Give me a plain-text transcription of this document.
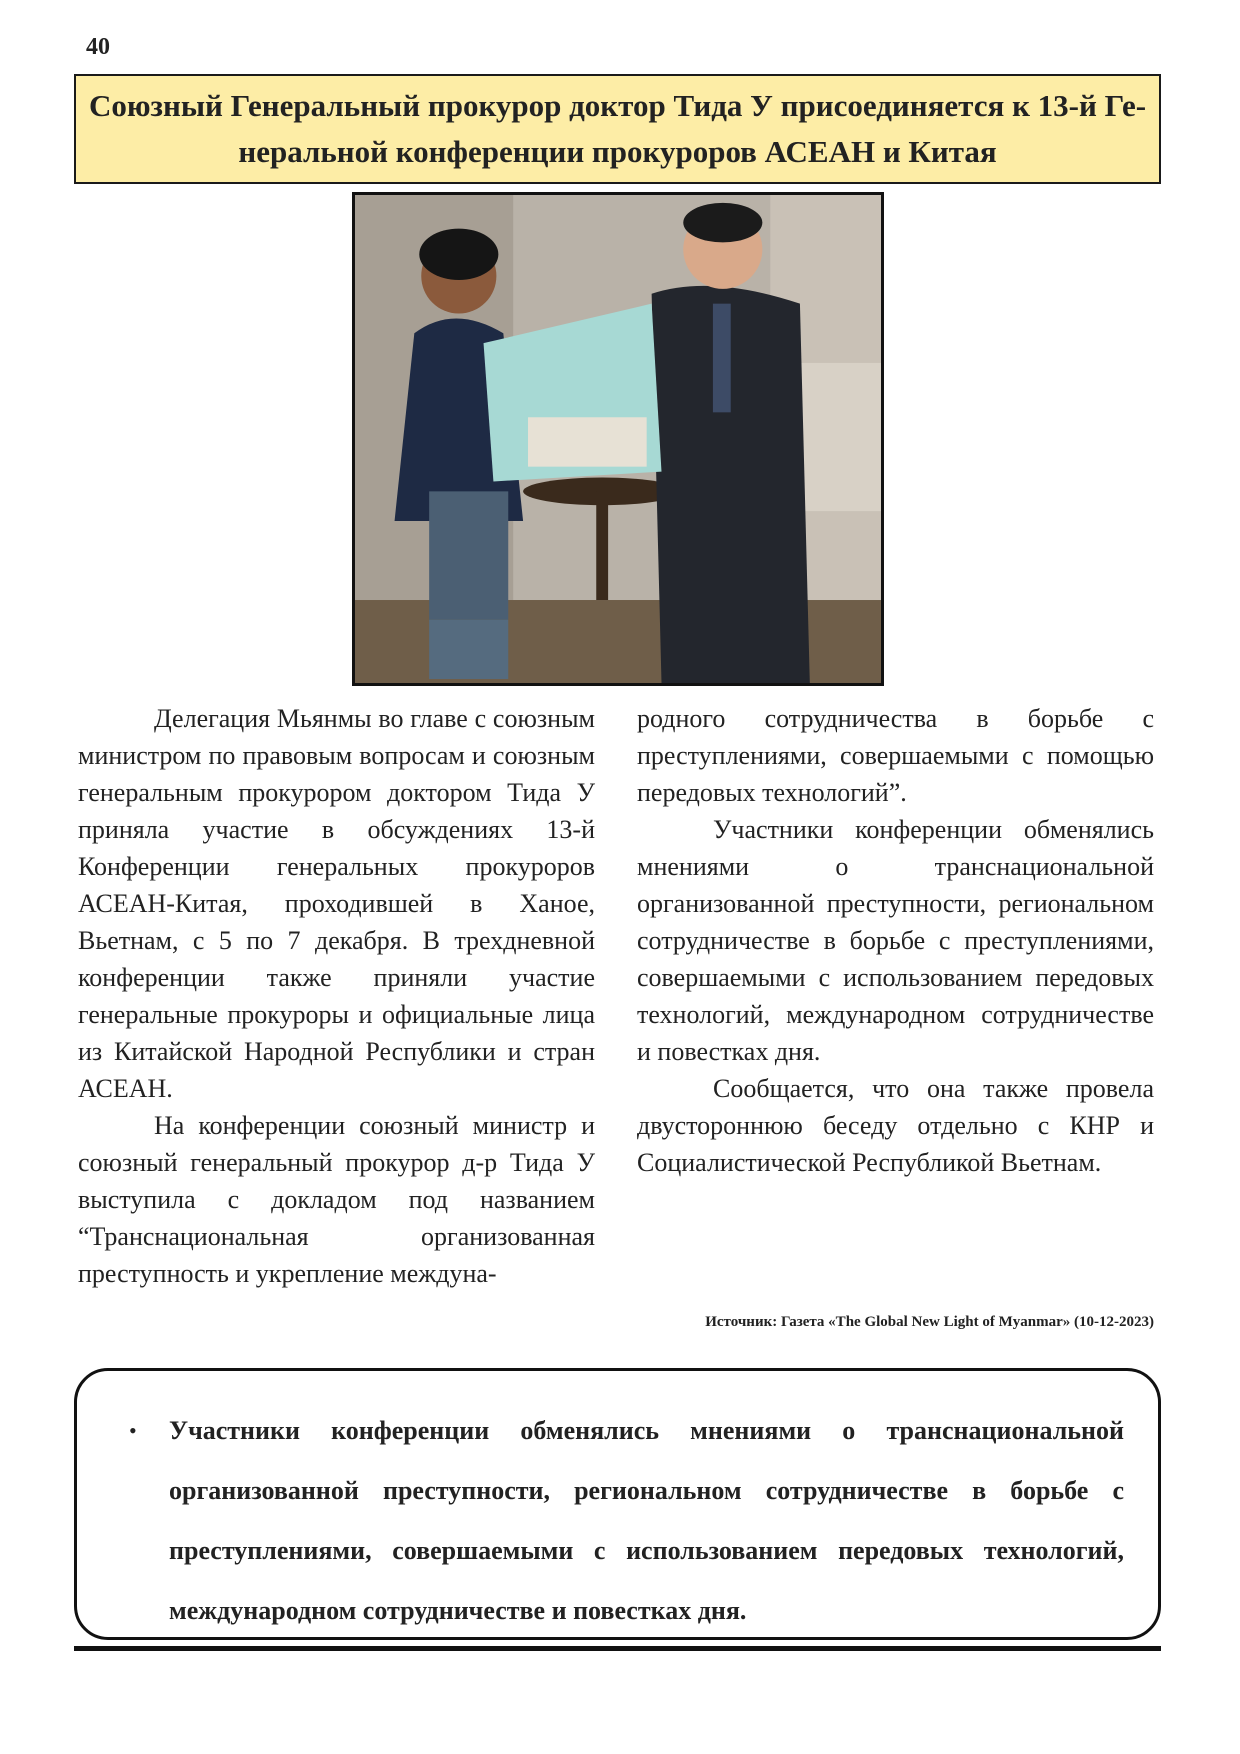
40
Союзный Генеральный прокурор доктор Тида У присоединяется к 13-й Ге-
неральной конференции прокуроров АСЕАН и Китая

Делегация Мьянмы во главе с союзным министром по правовым вопросам и союзным генеральным прокурором доктором Тида У приняла участие в обсуждениях 13-й Конференции генеральных прокуроров АСЕАН-Китая, проходившей в Ханое, Вьетнам, с 5 по 7 декабря. В трехдневной конференции также приняли участие генеральные прокуроры и официальные лица из Китайской Народной Республики и стран АСЕАН.

На конференции союзный министр и союзный генеральный прокурор д-р Тида У выступила с докладом под названием “Транснациональная организованная преступность и укрепление междуна-

родного сотрудничества в борьбе с преступлениями, совершаемыми с помощью передовых технологий”.

Участники конференции обменялись мнениями о транснациональной организованной преступности, региональном сотрудничестве в борьбе с преступлениями, совершаемыми с использованием передовых технологий, международном сотрудничестве и повестках дня.

Сообщается, что она также провела двустороннюю беседу отдельно с КНР и Социалистической Республикой Вьетнам.

Источник: Газета «The Global New Light of Myanmar» (10-12-2023)
•	Участники конференции обменялись мнениями о транснациональной организованной преступности, региональном сотрудничестве в борьбе с преступлениями, совершаемыми с использованием передовых технологий, международном сотрудничестве и повестках дня.
